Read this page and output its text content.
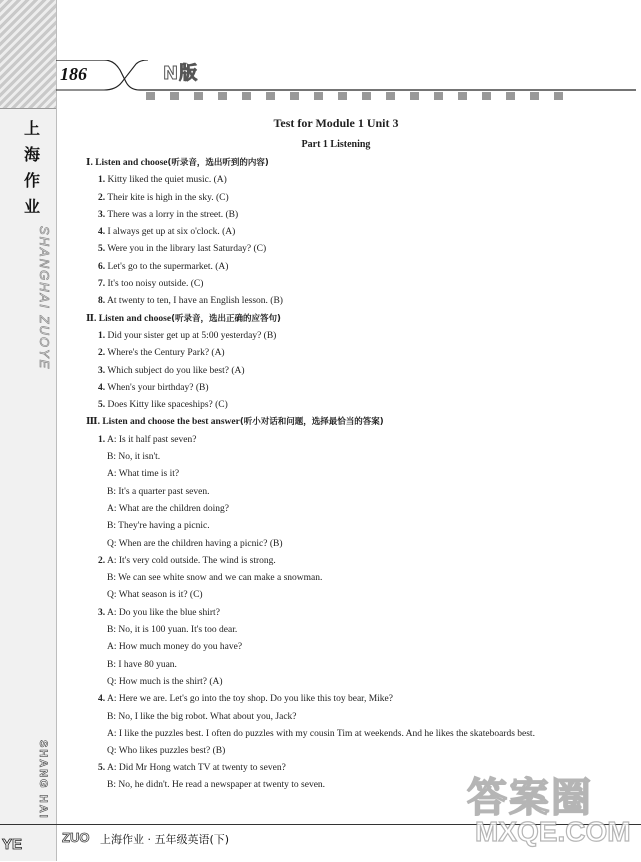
上海作业
SHANGHAI ZUOYE
SHANG HAI
186	N版
Test for Module 1 Unit 3
Part 1 Listening
Ⅰ. Listen and choose(听录音，选出听到的内容)
1. Kitty liked the quiet music. (A)
2. Their kite is high in the sky. (C)
3. There was a lorry in the street. (B)
4. I always get up at six o'clock. (A)
5. Were you in the library last Saturday? (C)
6. Let's go to the supermarket. (A)
7. It's too noisy outside. (C)
8. At twenty to ten, I have an English lesson. (B)
Ⅱ. Listen and choose(听录音，选出正确的应答句)
1. Did your sister get up at 5:00 yesterday? (B)
2. Where's the Century Park? (A)
3. Which subject do you like best? (A)
4. When's your birthday? (B)
5. Does Kitty like spaceships? (C)
Ⅲ. Listen and choose the best answer(听小对话和问题，选择最恰当的答案)
1. A: Is it half past seven?
B: No, it isn't.
A: What time is it?
B: It's a quarter past seven.
A: What are the children doing?
B: They're having a picnic.
Q: When are the children having a picnic? (B)
2. A: It's very cold outside. The wind is strong.
B: We can see white snow and we can make a snowman.
Q: What season is it? (C)
3. A: Do you like the blue shirt?
B: No, it is 100 yuan. It's too dear.
A: How much money do you have?
B: I have 80 yuan.
Q: How much is the shirt? (A)
4. A: Here we are. Let's go into the toy shop. Do you like this toy bear, Mike?
B: No, I like the big robot. What about you, Jack?
A: I like the puzzles best. I often do puzzles with my cousin Tim at weekends. And he likes the skateboards best.
Q: Who likes puzzles best? (B)
5. A: Did Mr Hong watch TV at twenty to seven?
B: No, he didn't. He read a newspaper at twenty to seven.
YE	ZUO 上海作业 · 五年级英语(下)
答案圈
MXQE.COM
